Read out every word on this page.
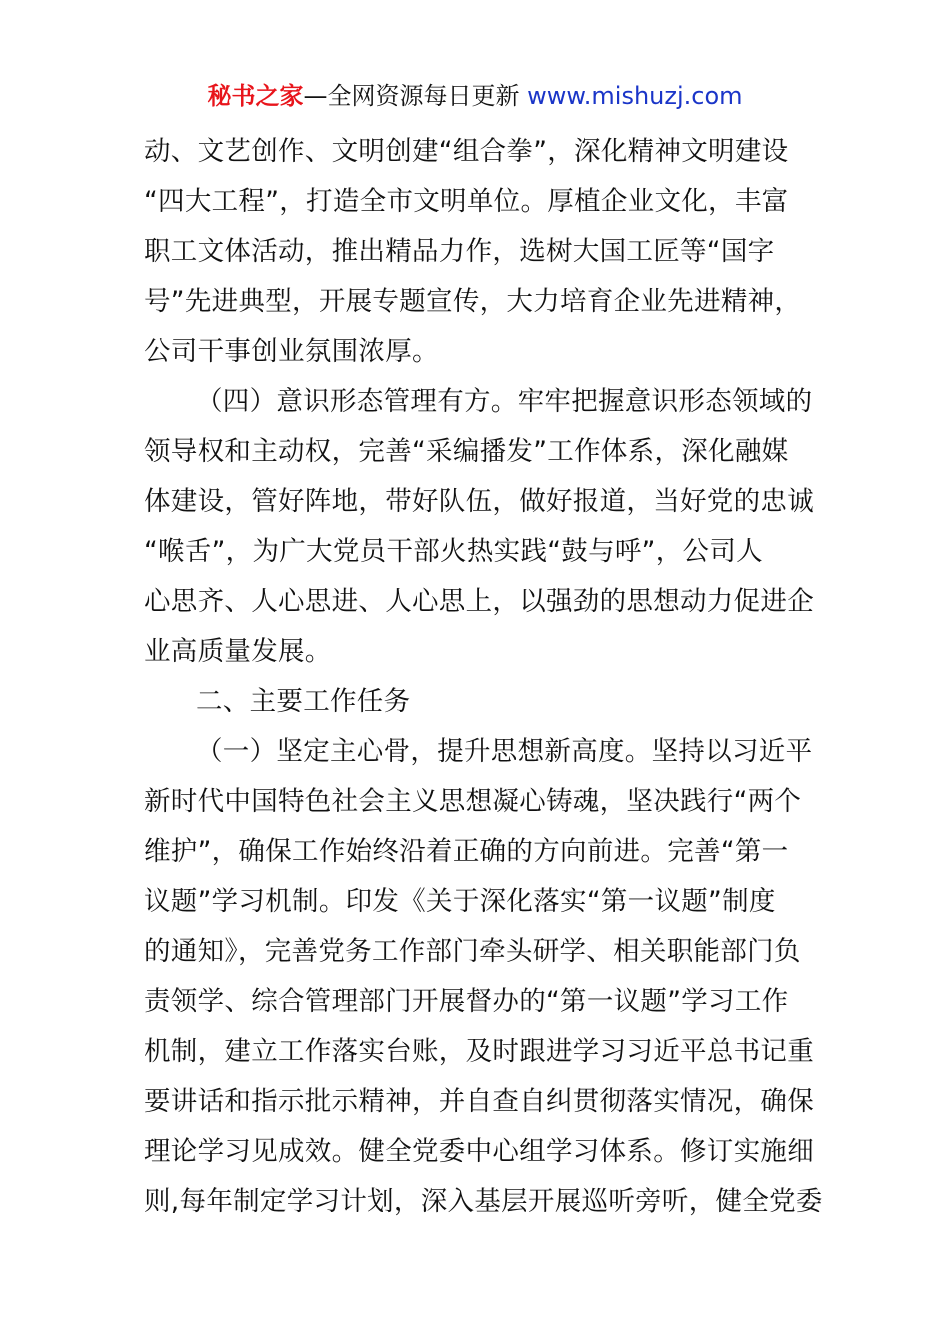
秘书之家—全网资源每日更新 www.mishuzj.com
动、文艺创作、文明创建“组合拳”，深化精神文明建设
“四大工程”，打造全市文明单位。厚植企业文化，丰富
职工文体活动，推出精品力作，选树大国工匠等“国字
号”先进典型，开展专题宣传，大力培育企业先进精神，
公司干事创业氛围浓厚。
（四）意识形态管理有方。牢牢把握意识形态领域的
领导权和主动权，完善“采编播发”工作体系，深化融媒
体建设，管好阵地，带好队伍，做好报道，当好党的忠诚
“喉舌”，为广大党员干部火热实践“鼓与呼”，公司人
心思齐、人心思进、人心思上，以强劲的思想动力促进企
业高质量发展。
二、主要工作任务
（一）坚定主心骨，提升思想新高度。坚持以习近平
新时代中国特色社会主义思想凝心铸魂，坚决践行“两个
维护”，确保工作始终沿着正确的方向前进。完善“第一
议题”学习机制。印发《关于深化落实“第一议题”制度
的通知》，完善党务工作部门牵头研学、相关职能部门负
责领学、综合管理部门开展督办的“第一议题”学习工作
机制，建立工作落实台账，及时跟进学习习近平总书记重
要讲话和指示批示精神，并自查自纠贯彻落实情况，确保
理论学习见成效。健全党委中心组学习体系。修订实施细
则,每年制定学习计划，深入基层开展巡听旁听，健全党委
